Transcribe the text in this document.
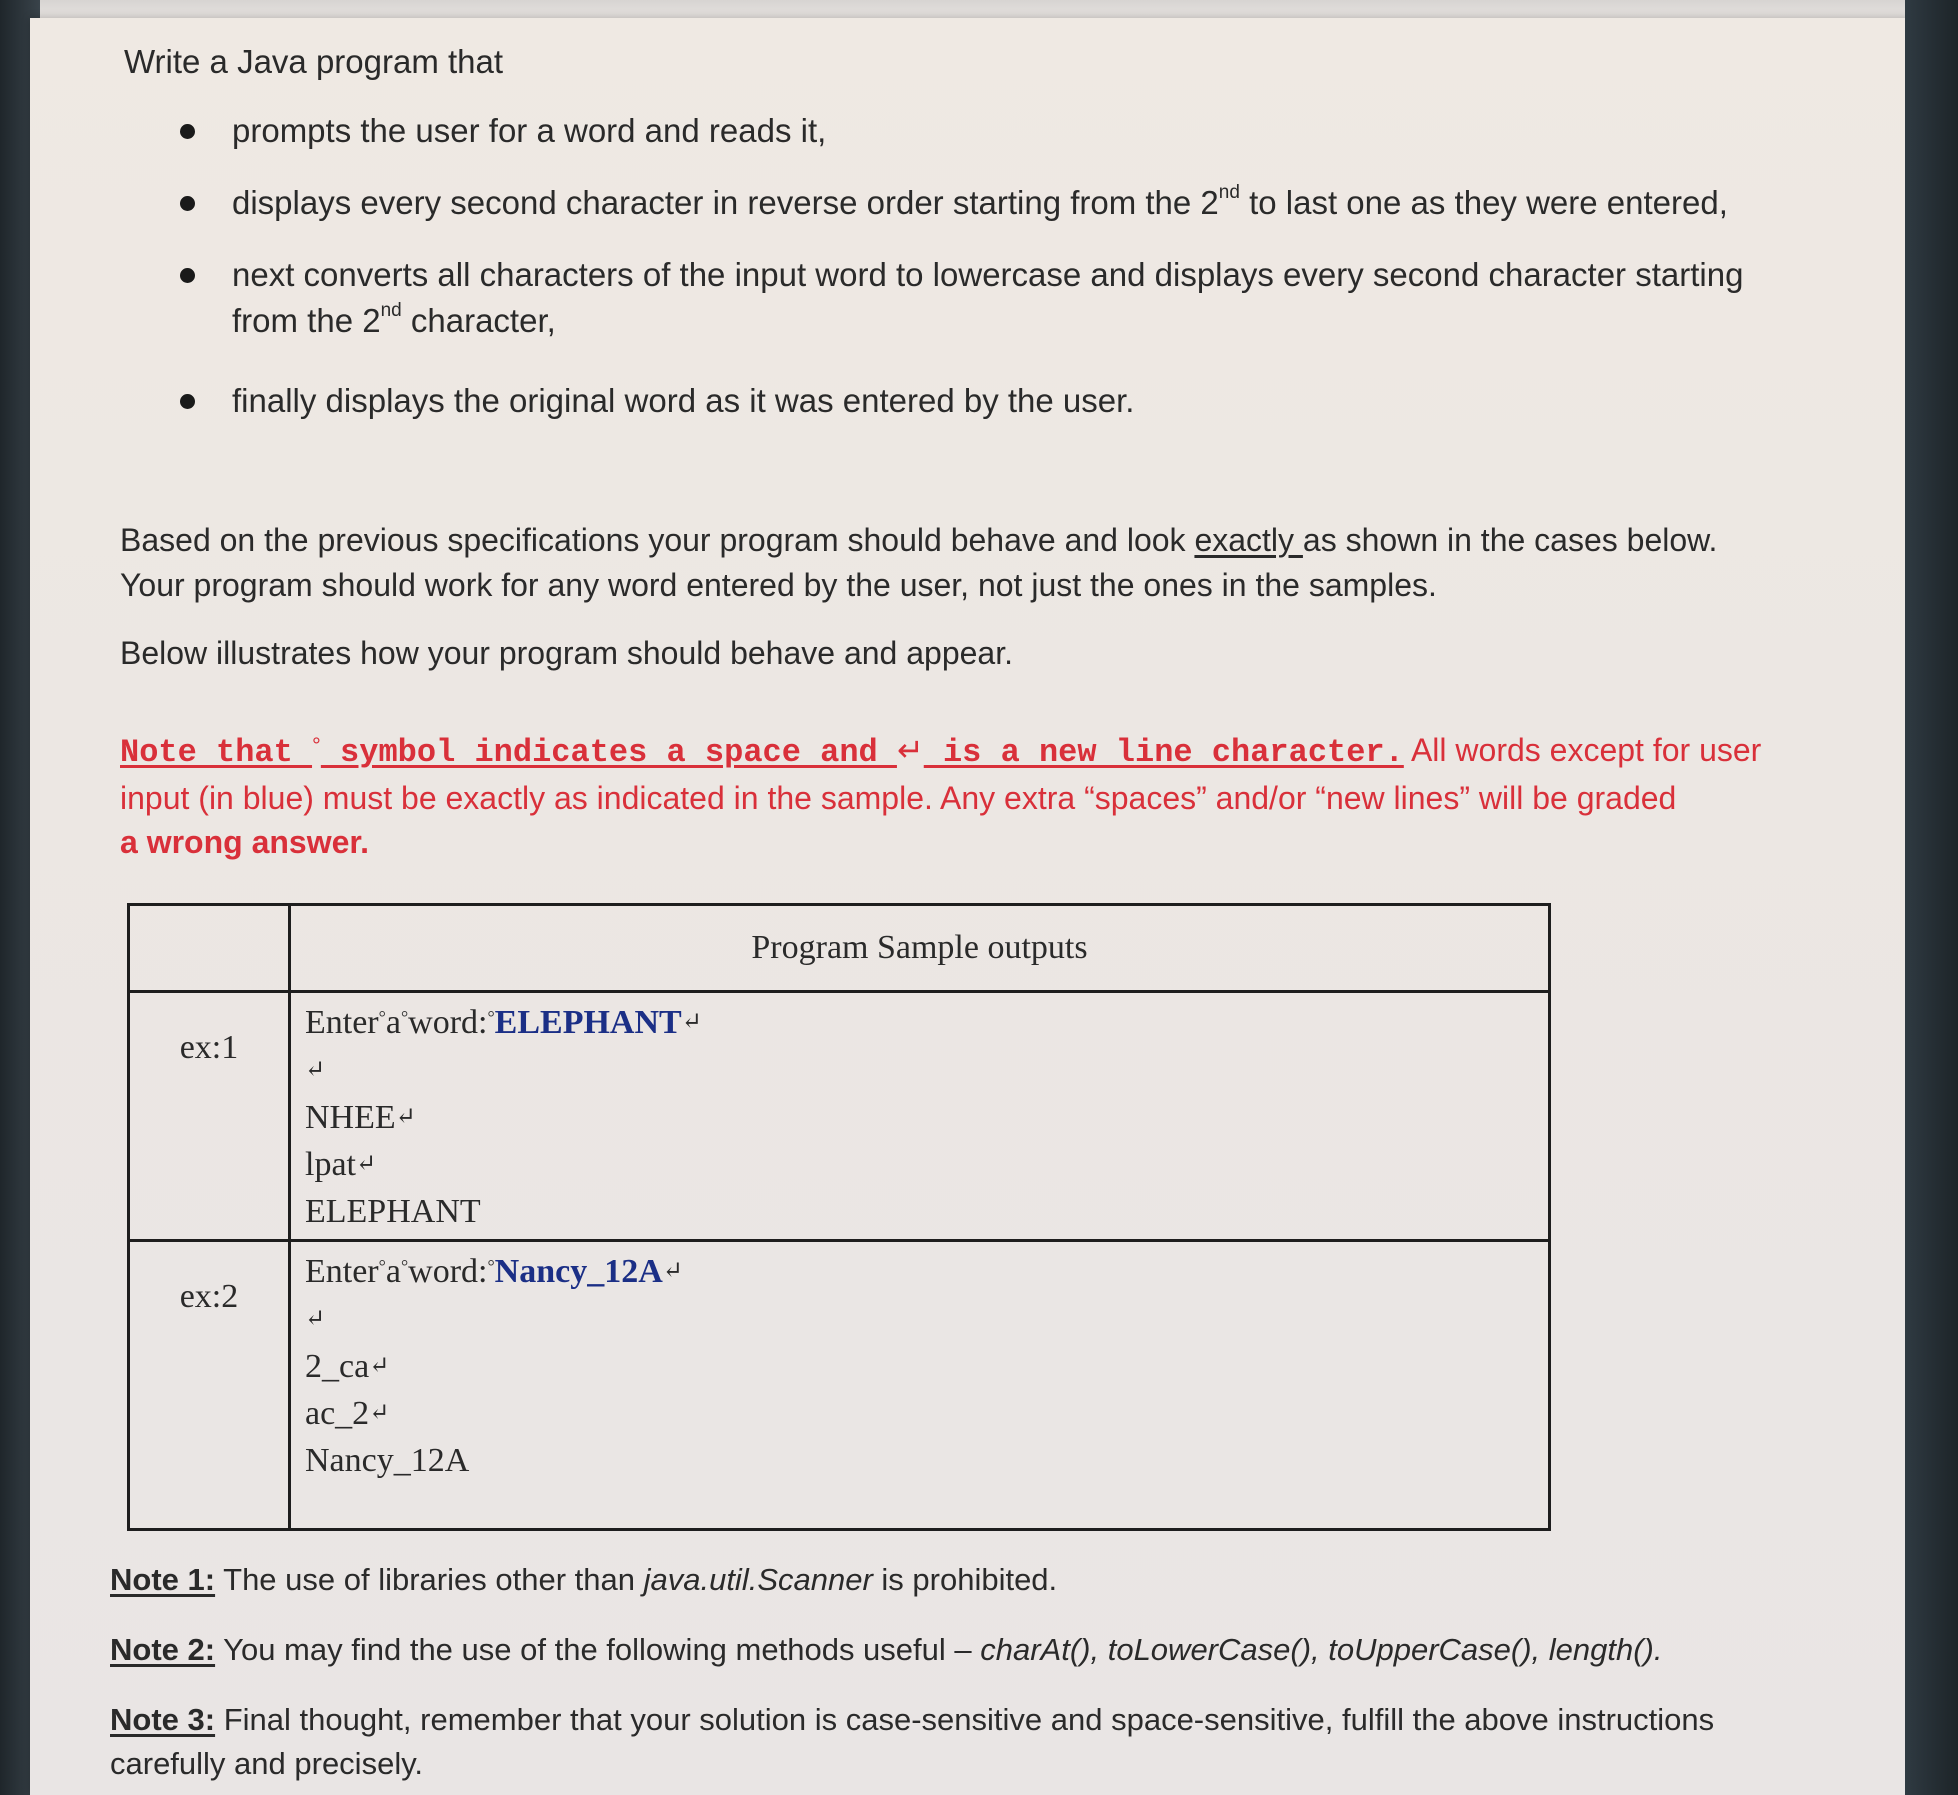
Write a Java program that
prompts the user for a word and reads it,
displays every second character in reverse order starting from the 2nd to last one as they were entered,
next converts all characters of the input word to lowercase and displays every second character starting
from the 2nd character,
finally displays the original word as it was entered by the user.
Based on the previous specifications your program should behave and look exactly as shown in the cases below.
Your program should work for any word entered by the user, not just the ones in the samples.
Below illustrates how your program should behave and appear.
Note that ° symbol indicates a space and ↵ is a new line character. All words except for user
input (in blue) must be exactly as indicated in the sample. Any extra “spaces” and/or “new lines” will be graded
a wrong answer.
	Program Sample outputs
ex:1	Enter°a°word:°ELEPHANT↵
↵
NHEE↵
lpat↵
ELEPHANT

ex:2	Enter°a°word:°Nancy_12A↵
↵
2_ca↵
ac_2↵
Nancy_12A
Note 1: The use of libraries other than java.util.Scanner is prohibited.
Note 2: You may find the use of the following methods useful – charAt(), toLowerCase(), toUpperCase(), length().
Note 3: Final thought, remember that your solution is case-sensitive and space-sensitive, fulfill the above instructions
carefully and precisely.
